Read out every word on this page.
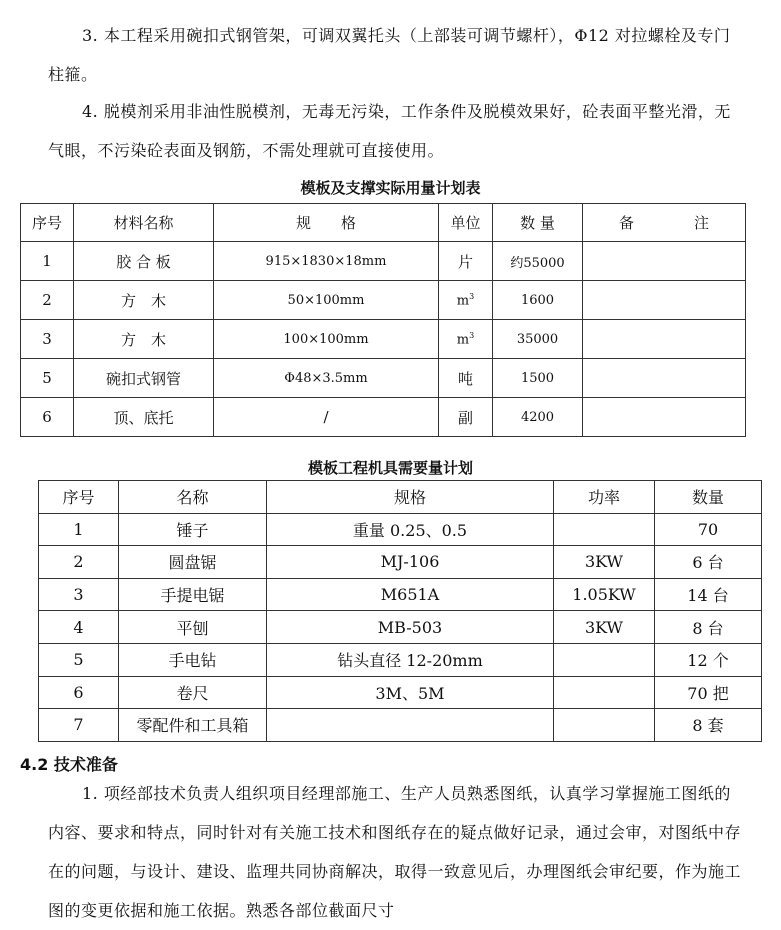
3. 本工程采用碗扣式钢管架，可调双翼托头（上部装可调节螺杆），Φ12 对拉螺栓及专门柱箍。

4. 脱模剂采用非油性脱模剂，无毒无污染，工作条件及脱模效果好，砼表面平整光滑，无气眼，不污染砼表面及钢筋，不需处理就可直接使用。

模板及支撑实际用量计划表
序号	材料名称	规　　格	单位	数 量	备　　　　注
1	胶 合 板	915×1830×18mm	片	约55000	
2	方　木	50×100mm	$m^3$	1600	
3	方　木	100×100mm	$m^3$	35000	
5	碗扣式钢管	Φ48×3.5mm	吨	1500	
6	顶、底托	/	副	4200	
模板工程机具需要量计划
序号	名称	规格	功率	数量
1	锤子	重量 0.25、0.5		70
2	圆盘锯	MJ-106	3KW	6 台
3	手提电锯	M651A	1.05KW	14 台
4	平刨	MB-503	3KW	8 台
5	手电钻	钻头直径 12-20mm		12 个
6	卷尺	3M、5M		70 把
7	零配件和工具箱			8 套
4.2 技术准备

1. 项经部技术负责人组织项目经理部施工、生产人员熟悉图纸，认真学习掌握施工图纸的内容、要求和特点，同时针对有关施工技术和图纸存在的疑点做好记录，通过会审，对图纸中存在的问题，与设计、建设、监理共同协商解决，取得一致意见后，办理图纸会审纪要，作为施工图的变更依据和施工依据。熟悉各部位截面尺寸
